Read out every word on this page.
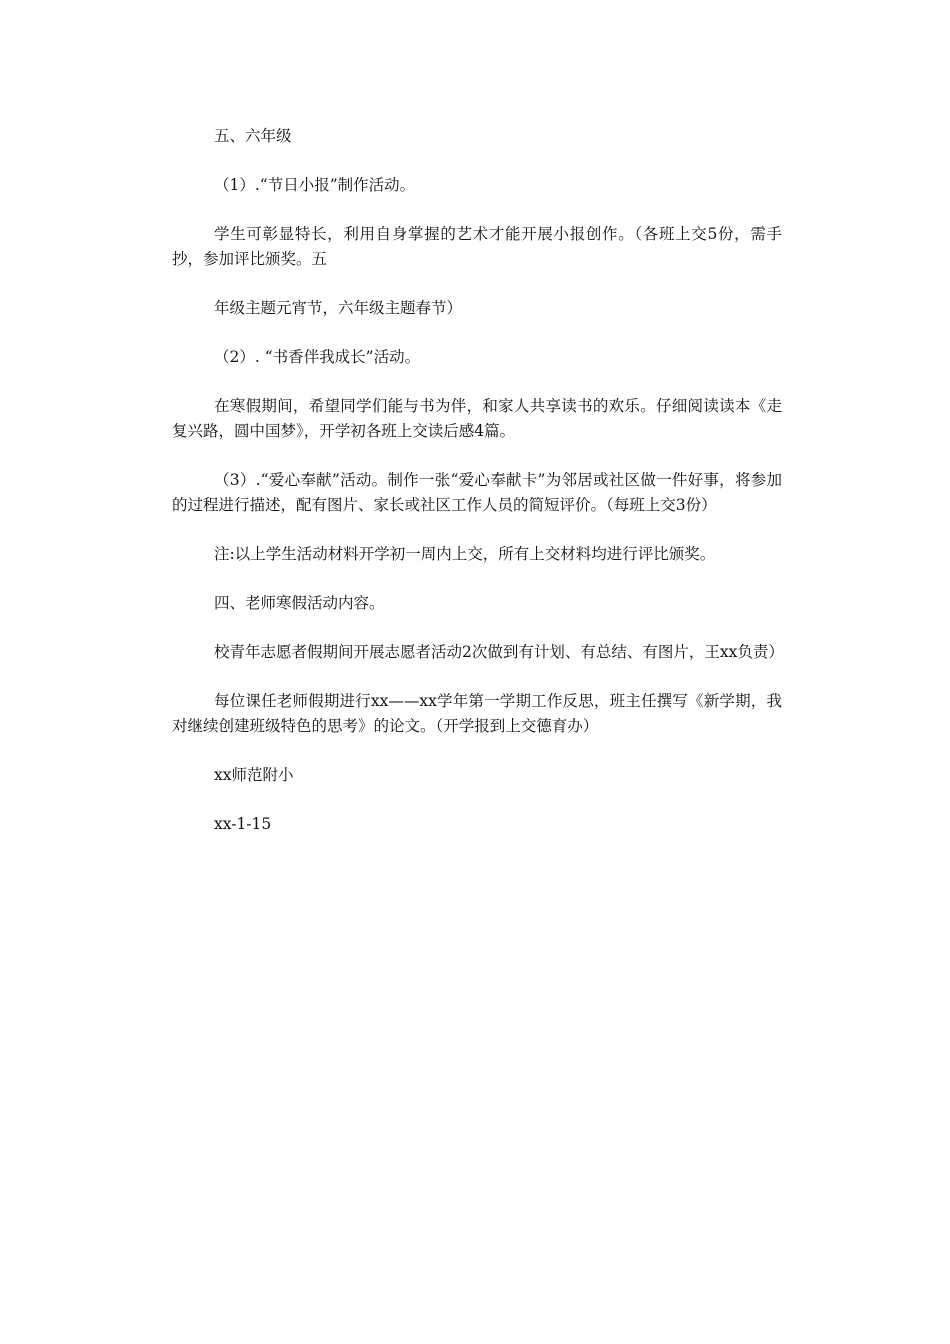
五、六年级

（1）.“节日小报”制作活动。

学生可彰显特长，利用自身掌握的艺术才能开展小报创作。（各班上交5份，需手抄，参加评比颁奖。五

年级主题元宵节，六年级主题春节）

（2）. “书香伴我成长”活动。

在寒假期间，希望同学们能与书为伴，和家人共享读书的欢乐。仔细阅读读本《走复兴路，圆中国梦》，开学初各班上交读后感4篇。

（3）.“爱心奉献”活动。制作一张“爱心奉献卡”为邻居或社区做一件好事，将参加的过程进行描述，配有图片、家长或社区工作人员的简短评价。（每班上交3份）

注:以上学生活动材料开学初一周内上交，所有上交材料均进行评比颁奖。

四、老师寒假活动内容。

校青年志愿者假期间开展志愿者活动2次做到有计划、有总结、有图片，王xx负责）

每位课任老师假期进行xx——xx学年第一学期工作反思，班主任撰写《新学期，我对继续创建班级特色的思考》的论文。（开学报到上交德育办）

xx师范附小

xx-1-15
